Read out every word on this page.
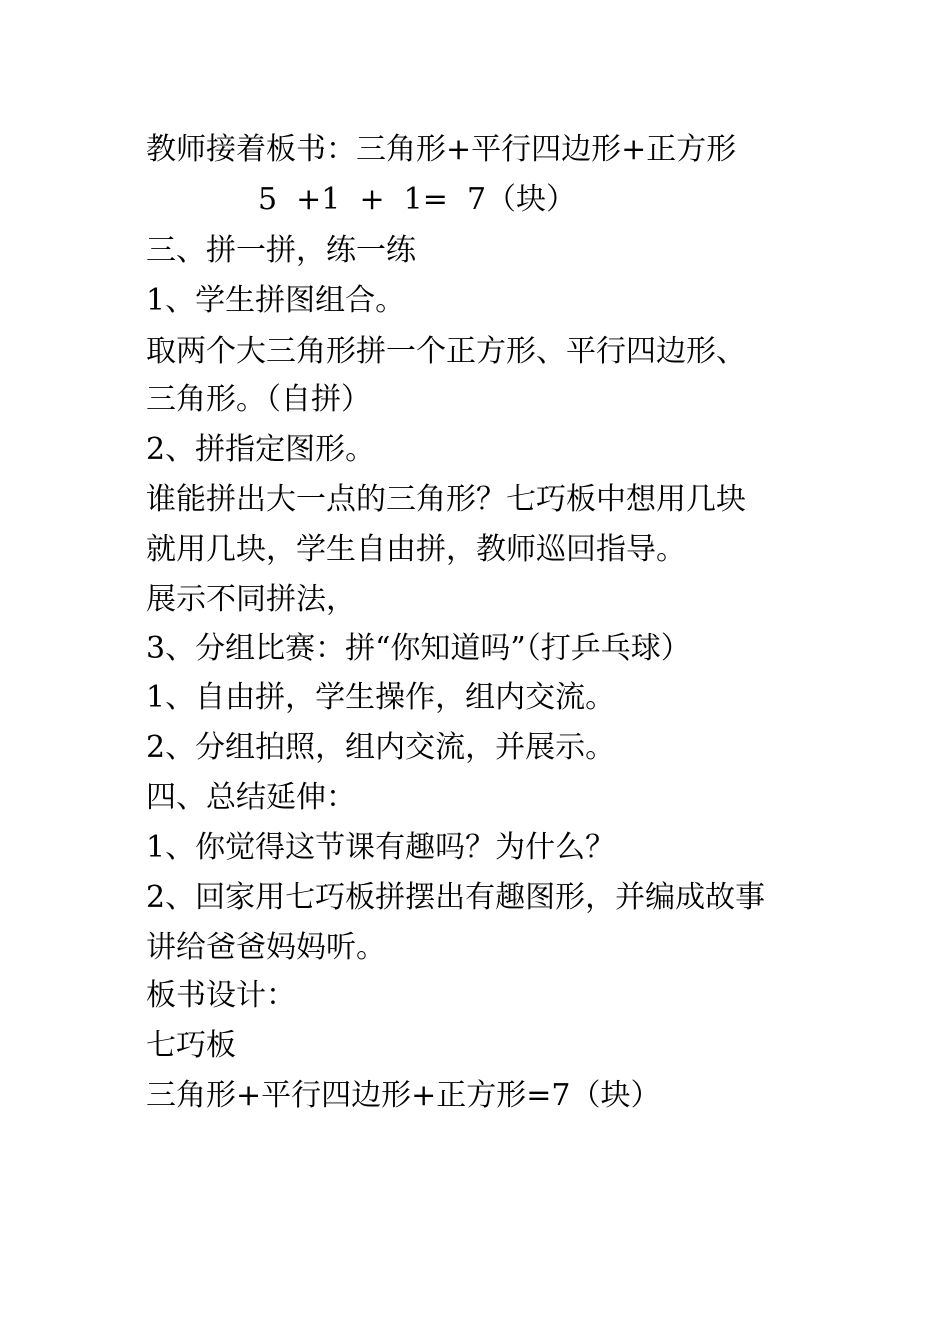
教师接着板书：三角形+平行四边形+正方形
5  +1  +  1=  7（块）
三、拼一拼，练一练
1、学生拼图组合。
取两个大三角形拼一个正方形、平行四边形、
三角形。（自拼）
2、拼指定图形。
谁能拼出大一点的三角形？七巧板中想用几块
就用几块，学生自由拼，教师巡回指导。
展示不同拼法，
3、分组比赛：拼“你知道吗”（打乒乓球）
1、自由拼，学生操作，组内交流。
2、分组拍照，组内交流，并展示。
四、总结延伸：
1、你觉得这节课有趣吗？为什么？
2、回家用七巧板拼摆出有趣图形，并编成故事
讲给爸爸妈妈听。
板书设计：
七巧板
三角形+平行四边形+正方形=7（块）
